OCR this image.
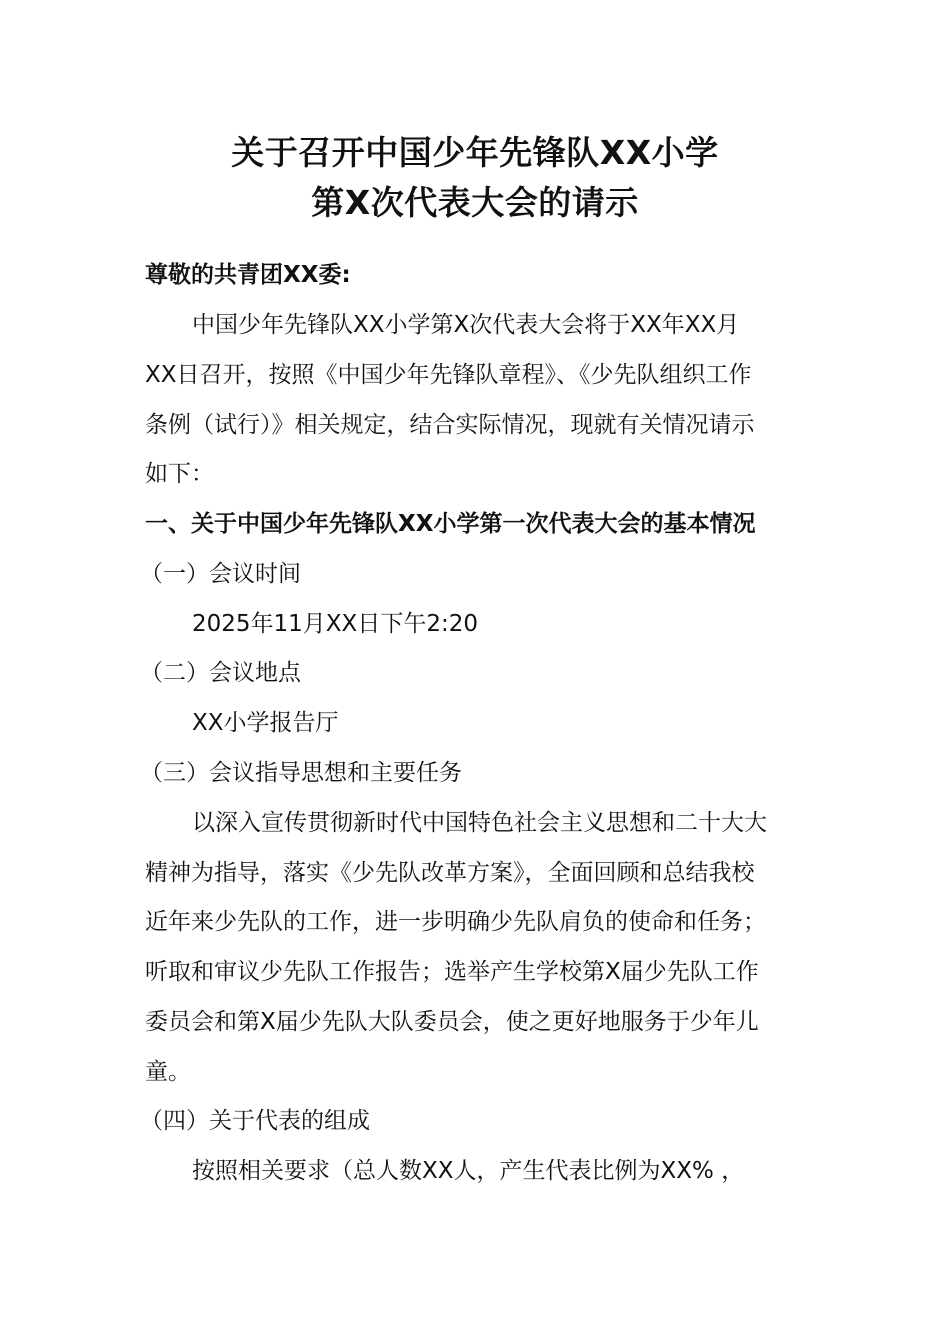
关于召开中国少年先锋队XX小学
第X次代表大会的请示
尊敬的共青团XX委:
中国少年先锋队XX小学第X次代表大会将于XX年XX月
XX日召开，按照《中国少年先锋队章程》、《少先队组织工作
条例（试行）》相关规定，结合实际情况，现就有关情况请示
如下：
一、关于中国少年先锋队XX小学第一次代表大会的基本情况
（一）会议时间
2025年11月XX日下午2:20
（二）会议地点
XX小学报告厅
（三）会议指导思想和主要任务
以深入宣传贯彻新时代中国特色社会主义思想和二十大大
精神为指导，落实《少先队改革方案》，全面回顾和总结我校
近年来少先队的工作，进一步明确少先队肩负的使命和任务；
听取和审议少先队工作报告；选举产生学校第X届少先队工作
委员会和第X届少先队大队委员会，使之更好地服务于少年儿
童。
（四）关于代表的组成
按照相关要求（总人数XX人，产生代表比例为XX% ，
